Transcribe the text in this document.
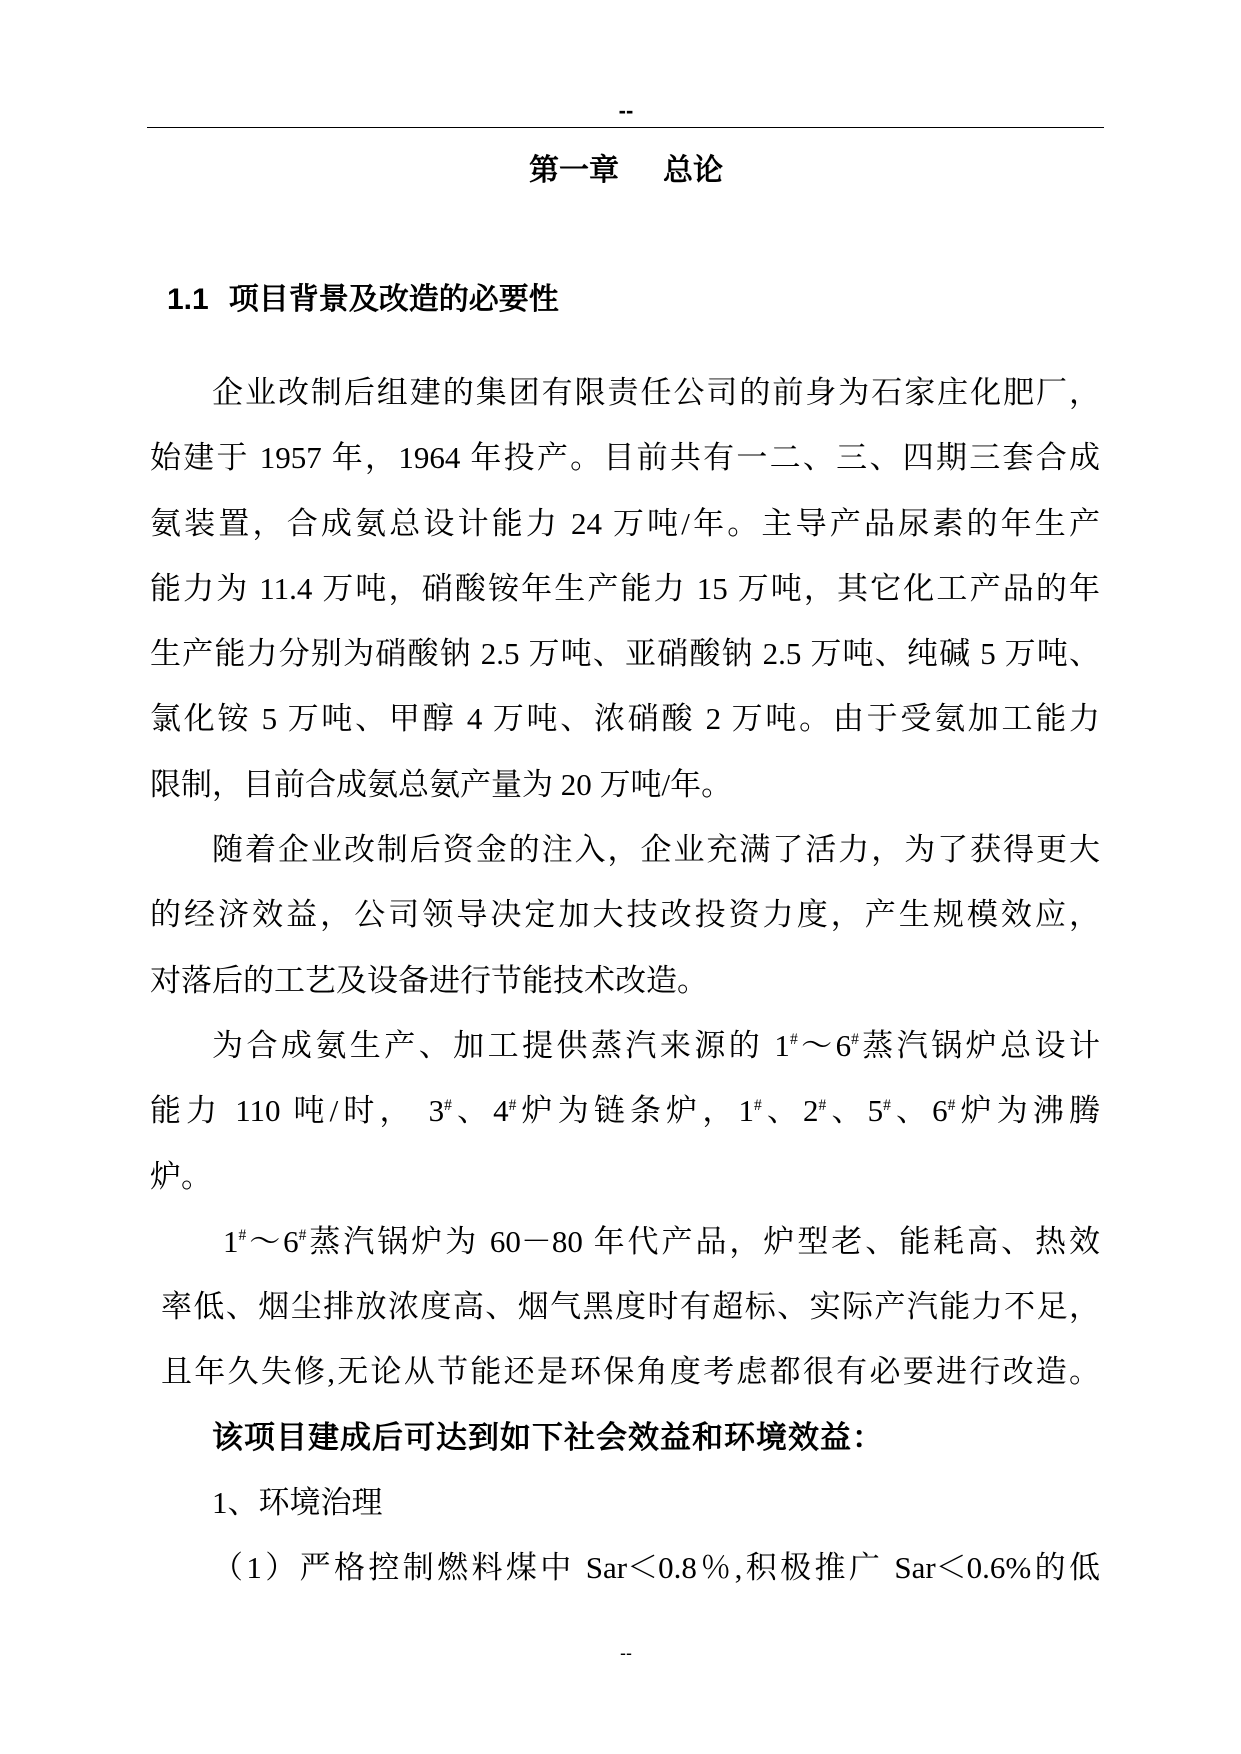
--
第一章 总论
1.1 项目背景及改造的必要性
企业改制后组建的集团有限责任公司的前身为石家庄化肥厂，
始建于 1957 年，1964 年投产。目前共有一二、三、四期三套合成
氨装置，合成氨总设计能力 24 万吨/年。主导产品尿素的年生产
能力为 11.4 万吨，硝酸铵年生产能力 15 万吨，其它化工产品的年
生产能力分别为硝酸钠 2.5 万吨、亚硝酸钠 2.5 万吨、纯碱 5 万吨、
氯化铵 5 万吨、甲醇 4 万吨、浓硝酸 2 万吨。由于受氨加工能力
限制，目前合成氨总氨产量为 20 万吨/年。
随着企业改制后资金的注入，企业充满了活力，为了获得更大
的经济效益，公司领导决定加大技改投资力度，产生规模效应，
对落后的工艺及设备进行节能技术改造。
为合成氨生产、加工提供蒸汽来源的 1#～6#蒸汽锅炉总设计
能力 110 吨/时， 3#、4#炉为链条炉，1#、2#、5#、6#炉为沸腾
炉。
1#～6#蒸汽锅炉为 60－80 年代产品，炉型老、能耗高、热效
率低、烟尘排放浓度高、烟气黑度时有超标、实际产汽能力不足，
且年久失修,无论从节能还是环保角度考虑都很有必要进行改造。
该项目建成后可达到如下社会效益和环境效益：
1、环境治理
（1）严格控制燃料煤中 Sar＜0.8％,积极推广 Sar＜0.6%的低
--
